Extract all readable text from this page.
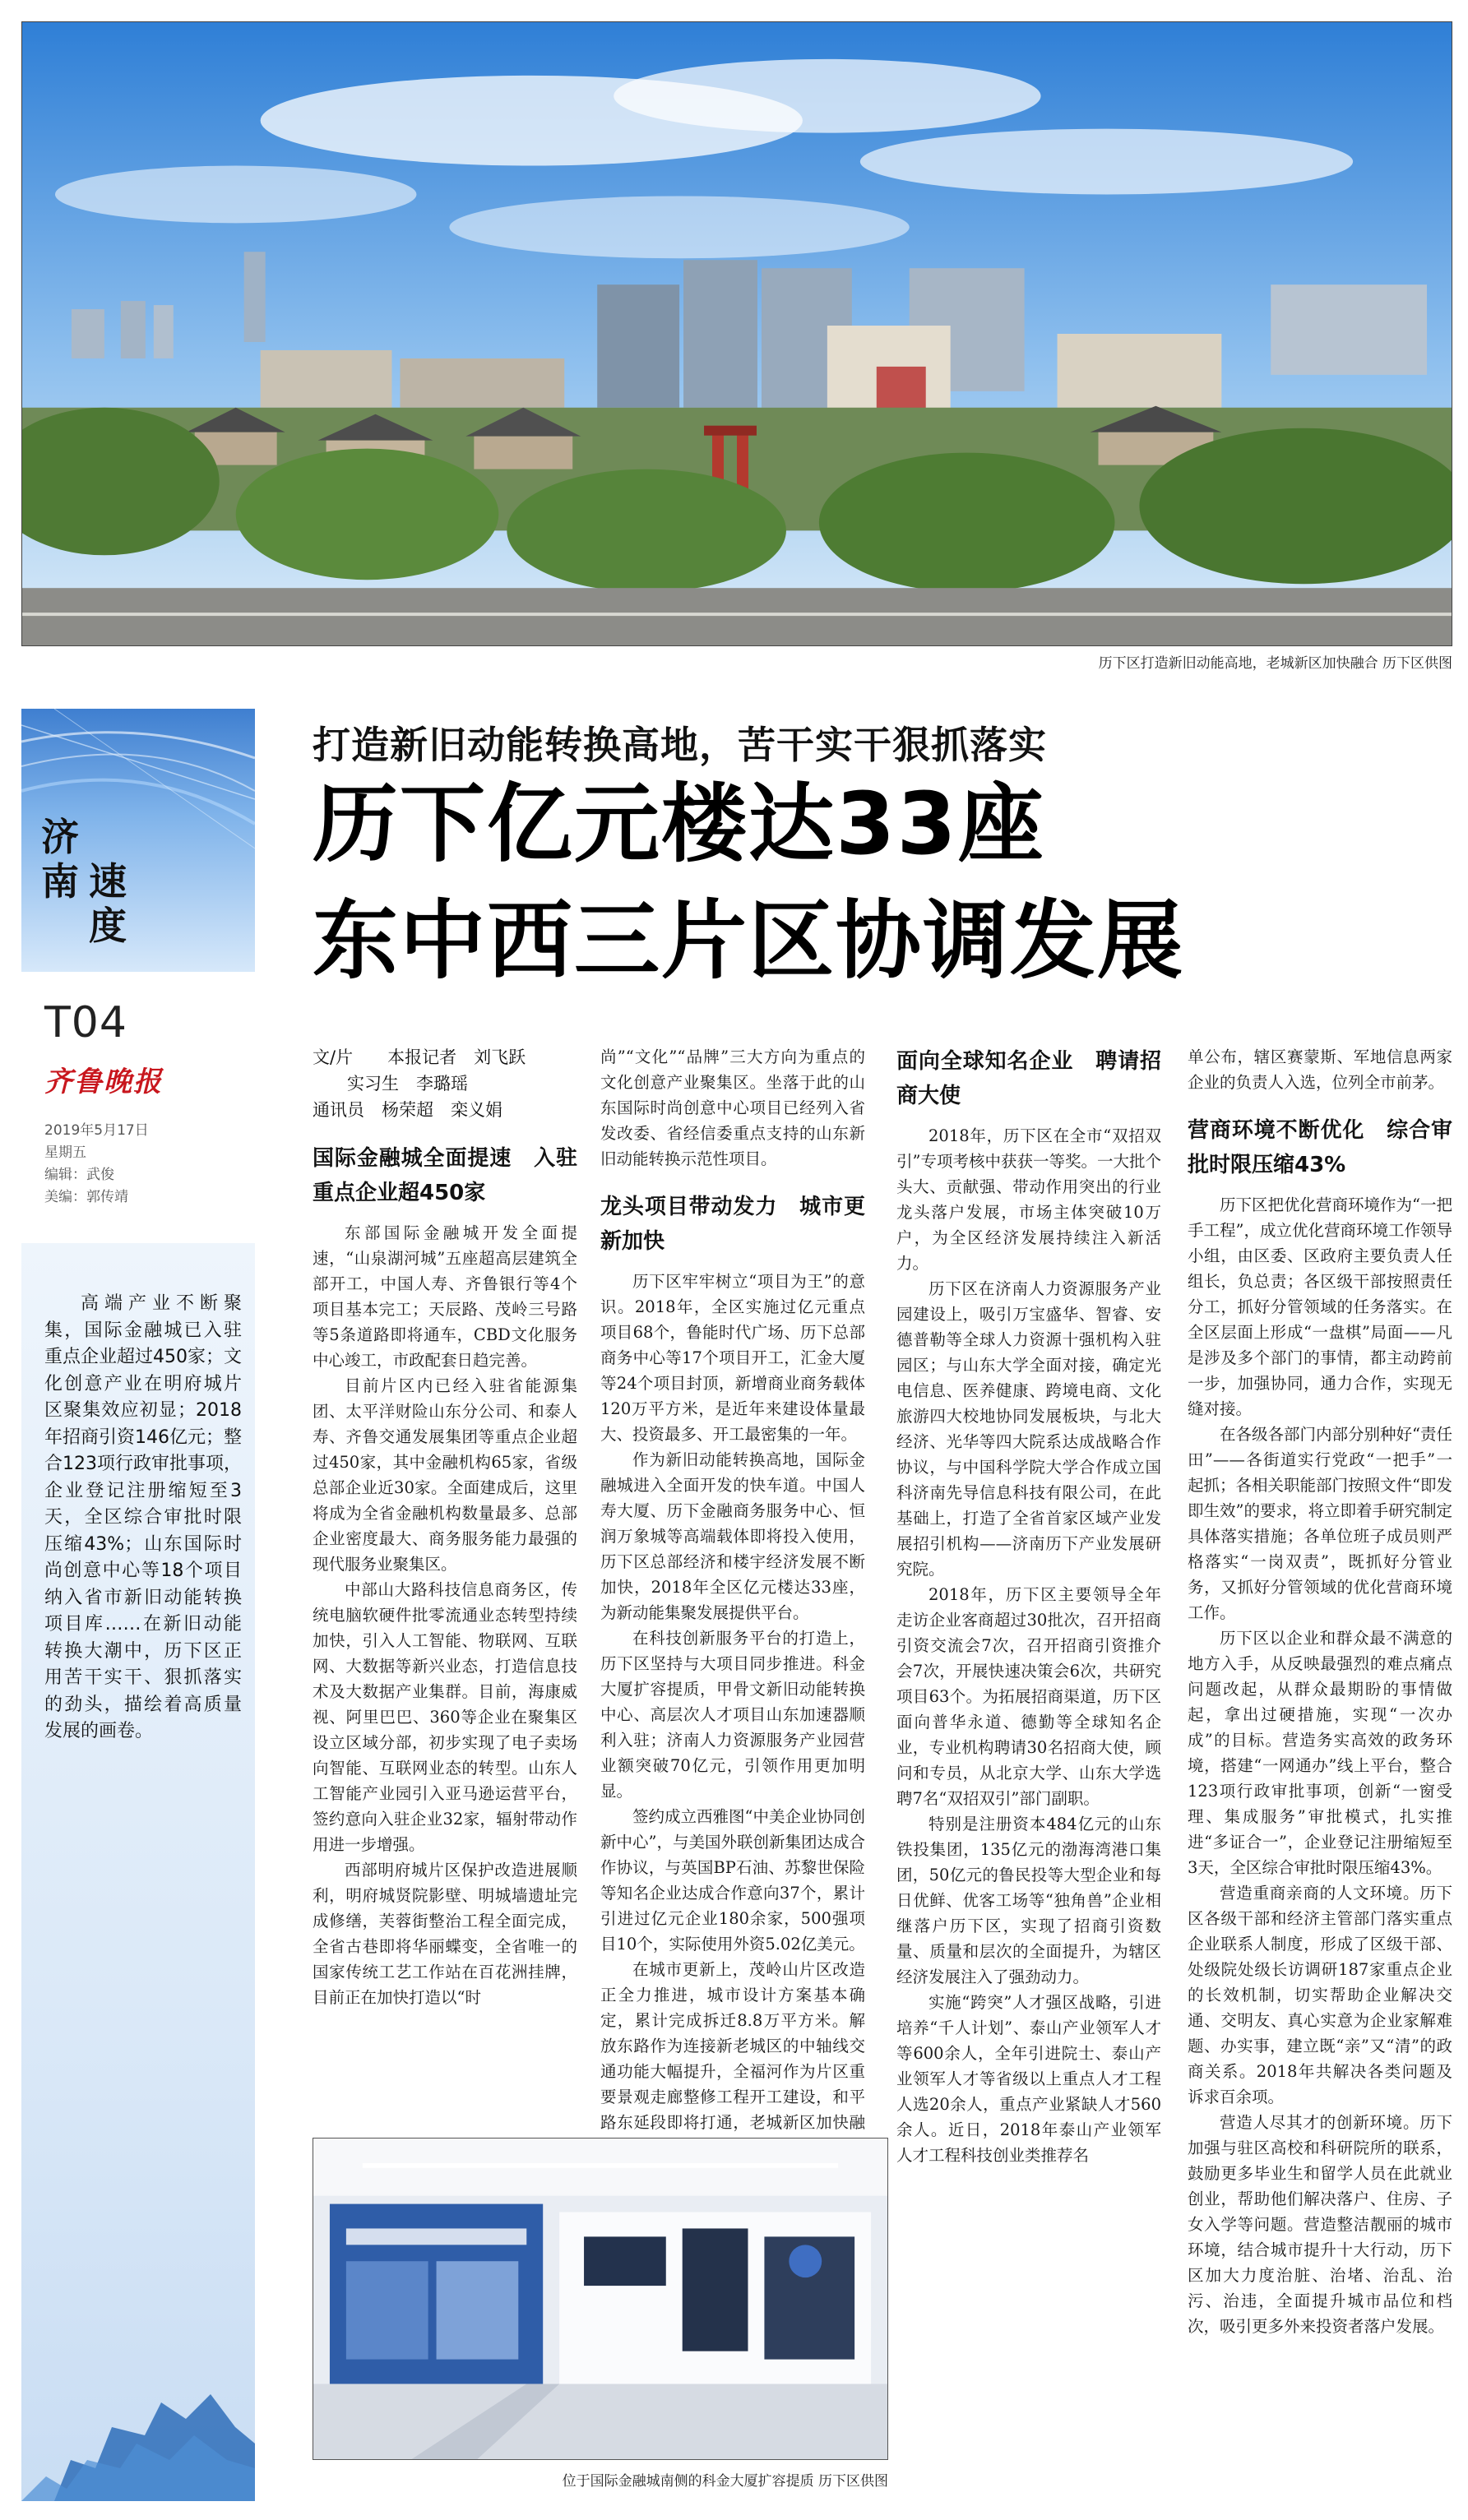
历下区打造新旧动能高地，老城新区加快融合 历下区供图
济
南 速
度
T04
齐鲁晚报
2019年5月17日
星期五
编辑：武俊
美编：郭传靖
高端产业不断聚集，国际金融城已入驻重点企业超过450家；文化创意产业在明府城片区聚集效应初显；2018年招商引资146亿元；整合123项行政审批事项，企业登记注册缩短至3天，全区综合审批时限压缩43%；山东国际时尚创意中心等18个项目纳入省市新旧动能转换项目库……在新旧动能转换大潮中，历下区正用苦干实干、狠抓落实的劲头，描绘着高质量发展的画卷。
打造新旧动能转换高地，苦干实干狠抓落实
历下亿元楼达33座
东中西三片区协调发展
文/片　　本报记者　刘飞跃
　　实习生　李璐瑶
通讯员　杨荣超　栾义娟
国际金融城全面提速　入驻重点企业超450家

东部国际金融城开发全面提速，“山泉湖河城”五座超高层建筑全部开工，中国人寿、齐鲁银行等4个项目基本完工；天辰路、茂岭三号路等5条道路即将通车，CBD文化服务中心竣工，市政配套日趋完善。

目前片区内已经入驻省能源集团、太平洋财险山东分公司、和泰人寿、齐鲁交通发展集团等重点企业超过450家，其中金融机构65家，省级总部企业近30家。全面建成后，这里将成为全省金融机构数量最多、总部企业密度最大、商务服务能力最强的现代服务业聚集区。

中部山大路科技信息商务区，传统电脑软硬件批零流通业态转型持续加快，引入人工智能、物联网、互联网、大数据等新兴业态，打造信息技术及大数据产业集群。目前，海康威视、阿里巴巴、360等企业在聚集区设立区域分部，初步实现了电子卖场向智能、互联网业态的转型。山东人工智能产业园引入亚马逊运营平台，签约意向入驻企业32家，辐射带动作用进一步增强。

西部明府城片区保护改造进展顺利，明府城贤院影壁、明城墙遗址完成修缮，芙蓉街整治工程全面完成，全省古巷即将华丽蝶变，全省唯一的国家传统工艺工作站在百花洲挂牌，目前正在加快打造以“时

尚”“文化”“品牌”三大方向为重点的文化创意产业聚集区。坐落于此的山东国际时尚创意中心项目已经列入省发改委、省经信委重点支持的山东新旧动能转换示范性项目。

龙头项目带动发力　城市更新加快

历下区牢牢树立“项目为王”的意识。2018年，全区实施过亿元重点项目68个，鲁能时代广场、历下总部商务中心等17个项目开工，汇金大厦等24个项目封顶，新增商业商务载体120万平方米，是近年来建设体量最大、投资最多、开工最密集的一年。

作为新旧动能转换高地，国际金融城进入全面开发的快车道。中国人寿大厦、历下金融商务服务中心、恒润万象城等高端载体即将投入使用，历下区总部经济和楼宇经济发展不断加快，2018年全区亿元楼达33座，为新动能集聚发展提供平台。

在科技创新服务平台的打造上，历下区坚持与大项目同步推进。科金大厦扩容提质，甲骨文新旧动能转换中心、高层次人才项目山东加速器顺利入驻；济南人力资源服务产业园营业额突破70亿元，引领作用更加明显。

签约成立西雅图“中美企业协同创新中心”，与美国外联创新集团达成合作协议，与英国BP石油、苏黎世保险等知名企业达成合作意向37个，累计引进过亿元企业180余家，500强项目10个，实际使用外资5.02亿美元。

在城市更新上，茂岭山片区改造正全力推进，城市设计方案基本确定，累计完成拆迁8.8万平方米。解放东路作为连接新老城区的中轴线交通功能大幅提升，全福河作为片区重要景观走廊整修工程开工建设，和平路东延段即将打通，老城新区加快融

面向全球知名企业　聘请招商大使

2018年，历下区在全市“双招双引”专项考核中获获一等奖。一大批个头大、贡献强、带动作用突出的行业龙头落户发展，市场主体突破10万户，为全区经济发展持续注入新活力。

历下区在济南人力资源服务产业园建设上，吸引万宝盛华、智睿、安德普勒等全球人力资源十强机构入驻园区；与山东大学全面对接，确定光电信息、医养健康、跨境电商、文化旅游四大校地协同发展板块，与北大经济、光华等四大院系达成战略合作协议，与中国科学院大学合作成立国科济南先导信息科技有限公司，在此基础上，打造了全省首家区域产业发展招引机构——济南历下产业发展研究院。

2018年，历下区主要领导全年走访企业客商超过30批次，召开招商引资交流会7次，召开招商引资推介会7次，开展快速决策会6次，共研究项目63个。为拓展招商渠道，历下区面向普华永道、德勤等全球知名企业，专业机构聘请30名招商大使，顾问和专员，从北京大学、山东大学选聘7名“双招双引”部门副职。

特别是注册资本484亿元的山东铁投集团，135亿元的渤海湾港口集团，50亿元的鲁民投等大型企业和每日优鲜、优客工场等“独角兽”企业相继落户历下区，实现了招商引资数量、质量和层次的全面提升，为辖区经济发展注入了强劲动力。

实施“跨突”人才强区战略，引进培养“千人计划”、泰山产业领军人才等600余人，全年引进院士、泰山产业领军人才等省级以上重点人才工程人选20余人，重点产业紧缺人才560余人。近日，2018年泰山产业领军人才工程科技创业类推荐名

单公布，辖区赛蒙斯、军地信息两家企业的负责人入选，位列全市前茅。

营商环境不断优化　综合审批时限压缩43%

历下区把优化营商环境作为“一把手工程”，成立优化营商环境工作领导小组，由区委、区政府主要负责人任组长，负总责；各区级干部按照责任分工，抓好分管领域的任务落实。在全区层面上形成“一盘棋”局面——凡是涉及多个部门的事情，都主动跨前一步，加强协同，通力合作，实现无缝对接。

在各级各部门内部分别种好“责任田”——各街道实行党政“一把手”一起抓；各相关职能部门按照文件“即发即生效”的要求，将立即着手研究制定具体落实措施；各单位班子成员则严格落实“一岗双责”，既抓好分管业务，又抓好分管领域的优化营商环境工作。

历下区以企业和群众最不满意的地方入手，从反映最强烈的难点痛点问题改起，从群众最期盼的事情做起，拿出过硬措施，实现“一次办成”的目标。营造务实高效的政务环境，搭建“一网通办”线上平台，整合123项行政审批事项，创新“一窗受理、集成服务”审批模式，扎实推进“多证合一”，企业登记注册缩短至3天，全区综合审批时限压缩43%。

营造重商亲商的人文环境。历下区各级干部和经济主管部门落实重点企业联系人制度，形成了区级干部、处级院处级长访调研187家重点企业的长效机制，切实帮助企业解决交通、交明友、真心实意为企业家解难题、办实事，建立既“亲”又“清”的政商关系。2018年共解决各类问题及诉求百余项。

营造人尽其才的创新环境。历下加强与驻区高校和科研院所的联系，鼓励更多毕业生和留学人员在此就业创业，帮助他们解决落户、住房、子女入学等问题。营造整洁靓丽的城市环境，结合城市提升十大行动，历下区加大力度治脏、治堵、治乱、治污、治违，全面提升城市品位和档次，吸引更多外来投资者落户发展。

位于国际金融城南侧的科金大厦扩容提质 历下区供图
